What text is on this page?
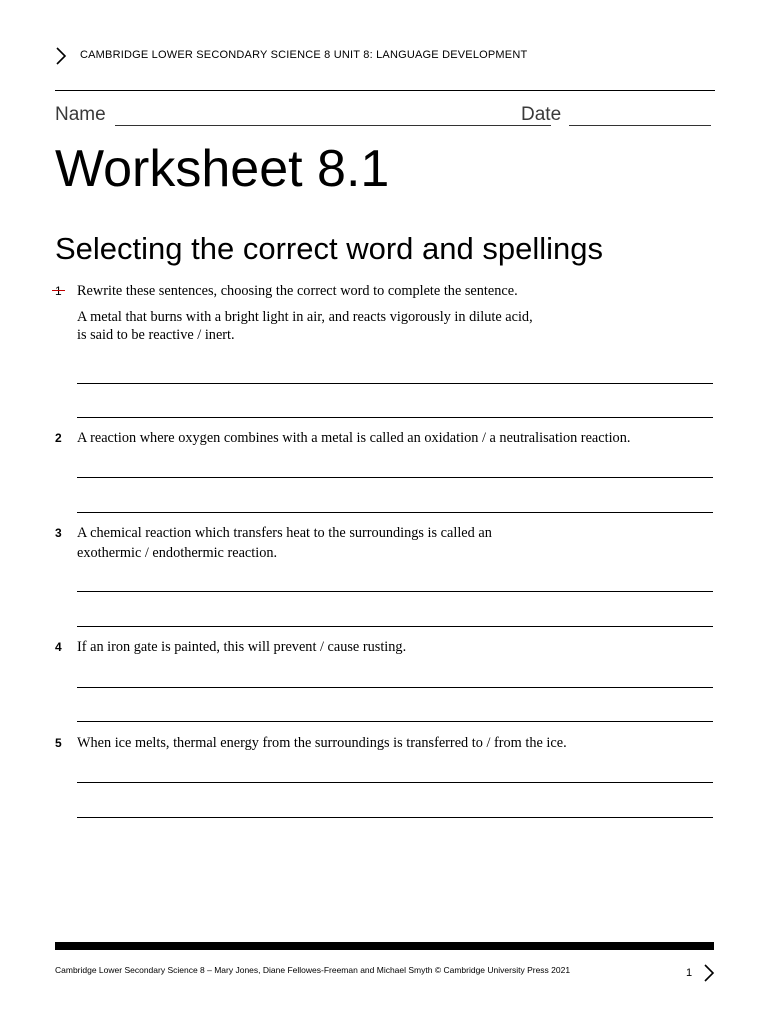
CAMBRIDGE LOWER SECONDARY SCIENCE 8 UNIT 8: LANGUAGE DEVELOPMENT
Name	Date
Worksheet 8.1
Selecting the correct word and spellings
1 Rewrite these sentences, choosing the correct word to complete the sentence.

A metal that burns with a bright light in air, and reacts vigorously in dilute acid,

is said to be reactive / inert.

2 A reaction where oxygen combines with a metal is called an oxidation / a neutralisation reaction.

3 A chemical reaction which transfers heat to the surroundings is called an

exothermic / endothermic reaction.

4 If an iron gate is painted, this will prevent / cause rusting.

5 When ice melts, thermal energy from the surroundings is transferred to / from the ice.

Cambridge Lower Secondary Science 8 – Mary Jones, Diane Fellowes-Freeman and Michael Smyth © Cambridge University Press 2021	1
